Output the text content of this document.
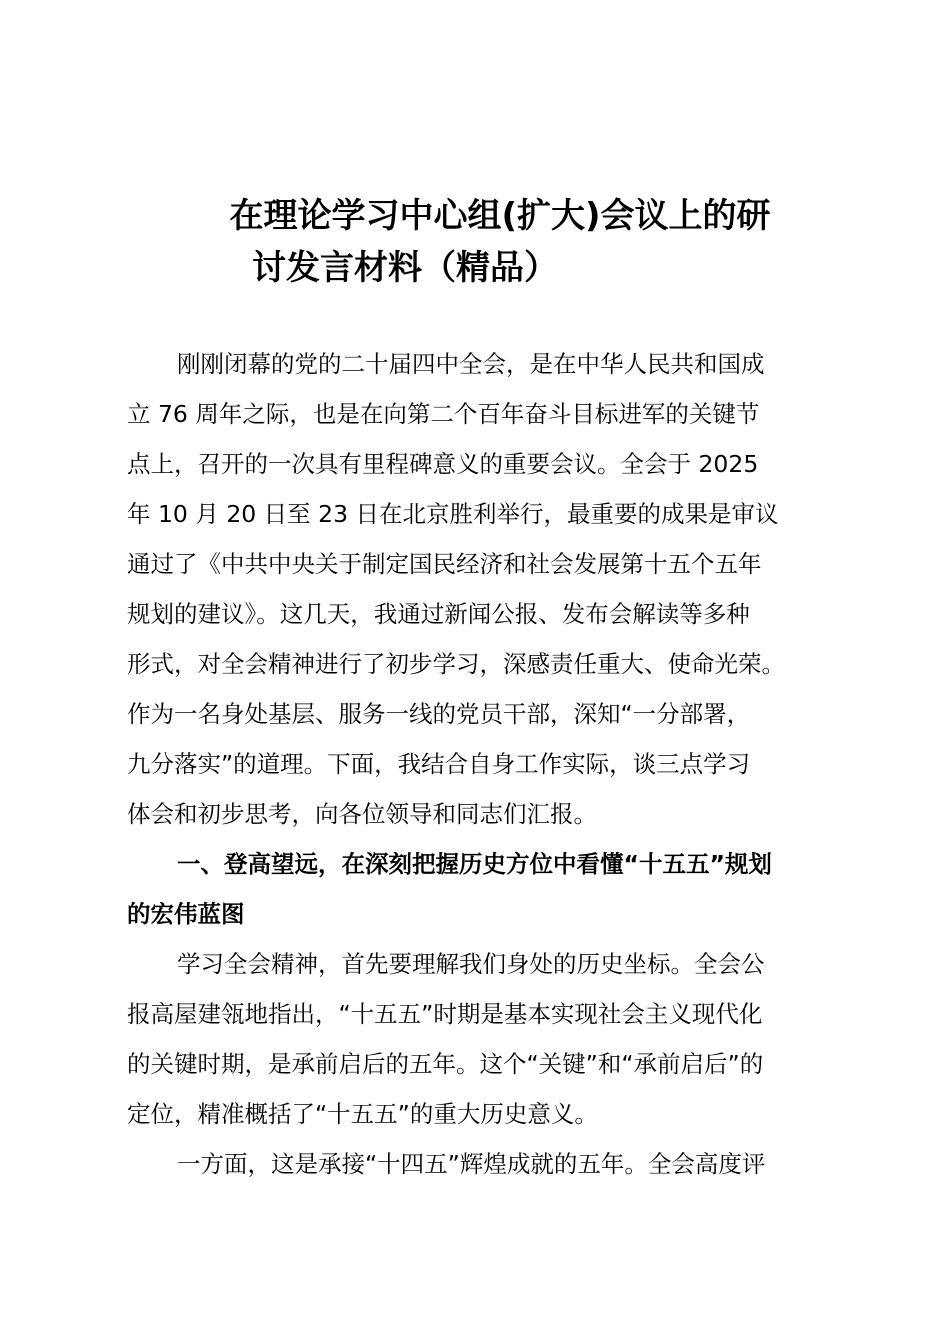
在理论学习中心组(扩大)会议上的研
讨发言材料（精品）

刚刚闭幕的党的二十届四中全会，是在中华人民共和国成
立 76 周年之际，也是在向第二个百年奋斗目标进军的关键节
点上，召开的一次具有里程碑意义的重要会议。全会于 2025
年 10 月 20 日至 23 日在北京胜利举行，最重要的成果是审议
通过了《中共中央关于制定国民经济和社会发展第十五个五年
规划的建议》。这几天，我通过新闻公报、发布会解读等多种
形式，对全会精神进行了初步学习，深感责任重大、使命光荣。
作为一名身处基层、服务一线的党员干部，深知“一分部署，
九分落实”的道理。下面，我结合自身工作实际，谈三点学习
体会和初步思考，向各位领导和同志们汇报。

一、登高望远，在深刻把握历史方位中看懂“十五五”规划
的宏伟蓝图

学习全会精神，首先要理解我们身处的历史坐标。全会公
报高屋建瓴地指出，“十五五”时期是基本实现社会主义现代化
的关键时期，是承前启后的五年。这个“关键”和“承前启后”的
定位，精准概括了“十五五”的重大历史意义。

一方面，这是承接“十四五”辉煌成就的五年。全会高度评
